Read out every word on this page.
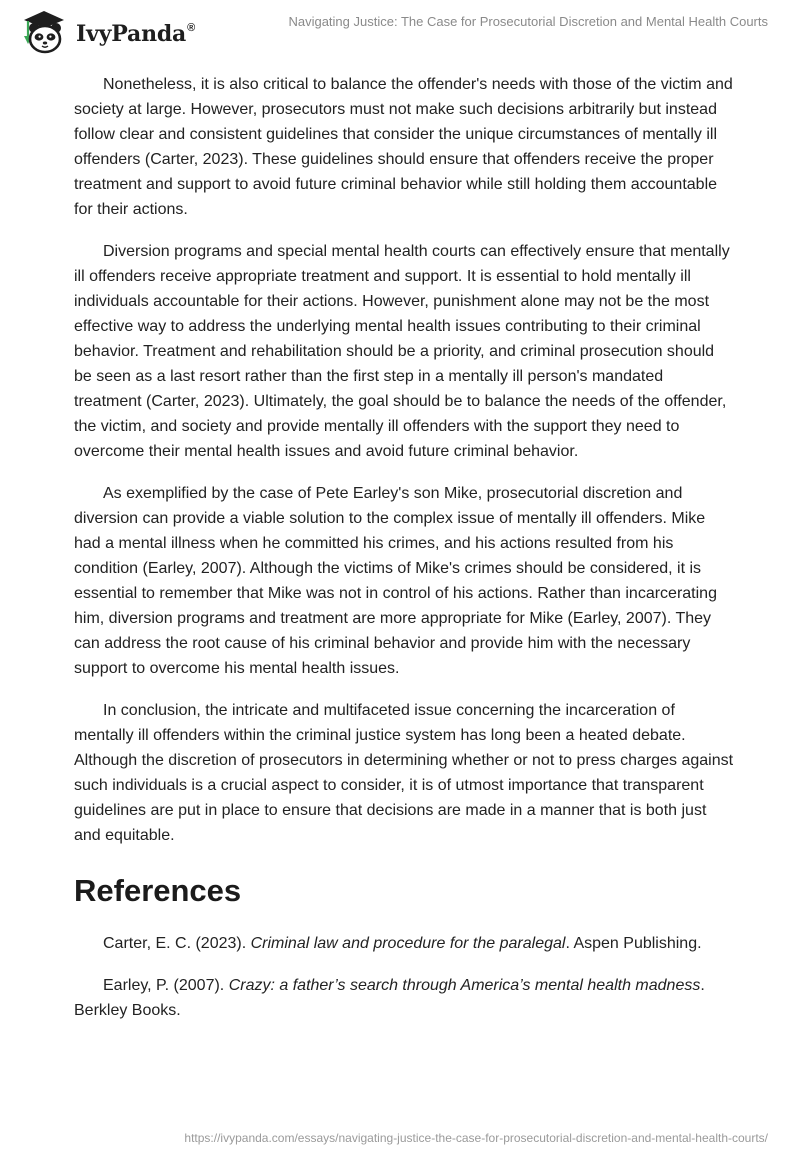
IvyPanda®	Navigating Justice: The Case for Prosecutorial Discretion and Mental Health Courts

Nonetheless, it is also critical to balance the offender's needs with those of the victim and society at large. However, prosecutors must not make such decisions arbitrarily but instead follow clear and consistent guidelines that consider the unique circumstances of mentally ill offenders (Carter, 2023). These guidelines should ensure that offenders receive the proper treatment and support to avoid future criminal behavior while still holding them accountable for their actions.

Diversion programs and special mental health courts can effectively ensure that mentally ill offenders receive appropriate treatment and support. It is essential to hold mentally ill individuals accountable for their actions. However, punishment alone may not be the most effective way to address the underlying mental health issues contributing to their criminal behavior. Treatment and rehabilitation should be a priority, and criminal prosecution should be seen as a last resort rather than the first step in a mentally ill person's mandated treatment (Carter, 2023). Ultimately, the goal should be to balance the needs of the offender, the victim, and society and provide mentally ill offenders with the support they need to overcome their mental health issues and avoid future criminal behavior.

As exemplified by the case of Pete Earley's son Mike, prosecutorial discretion and diversion can provide a viable solution to the complex issue of mentally ill offenders. Mike had a mental illness when he committed his crimes, and his actions resulted from his condition (Earley, 2007). Although the victims of Mike's crimes should be considered, it is essential to remember that Mike was not in control of his actions. Rather than incarcerating him, diversion programs and treatment are more appropriate for Mike (Earley, 2007). They can address the root cause of his criminal behavior and provide him with the necessary support to overcome his mental health issues.

In conclusion, the intricate and multifaceted issue concerning the incarceration of mentally ill offenders within the criminal justice system has long been a heated debate. Although the discretion of prosecutors in determining whether or not to press charges against such individuals is a crucial aspect to consider, it is of utmost importance that transparent guidelines are put in place to ensure that decisions are made in a manner that is both just and equitable.

References

Carter, E. C. (2023). Criminal law and procedure for the paralegal. Aspen Publishing.

Earley, P. (2007). Crazy: a father’s search through America’s mental health madness. Berkley Books.

https://ivypanda.com/essays/navigating-justice-the-case-for-prosecutorial-discretion-and-mental-health-courts/
